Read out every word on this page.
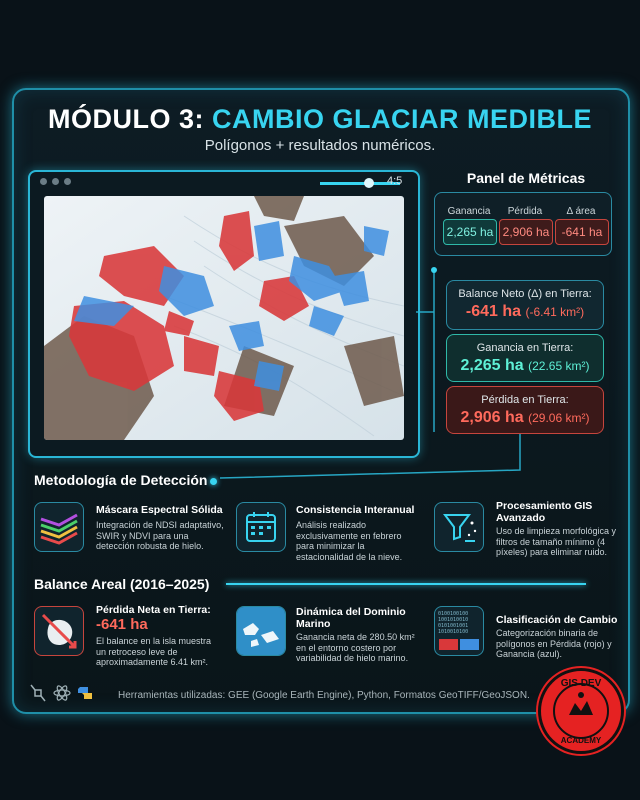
MÓDULO 3: CAMBIO GLACIAR MEDIBLE
Polígonos + resultados numéricos.
4:5	Panel de Métricas
Ganancia	Pérdida	Δ área
2,265 ha 2,906 ha	-641 ha
Balance Neto (Δ) en Tierra:
-641 ha (-6.41 km²)
Ganancia en Tierra:
2,265 ha (22.65 km²)
Pérdida en Tierra:
2,906 ha (29.06 km²)
Metodología de Detección
Máscara Espectral Sólida
Integración de NDSI adaptativo,
SWIR y NDVI para una
detección robusta de hielo.
Consistencia Interanual
Análisis realizado
exclusivamente en febrero
para minimizar la
estacionalidad de la nieve.
Procesamiento GIS
Avanzado
Uso de limpieza morfológica y
filtros de tamaño mínimo (4
píxeles) para eliminar ruido.
Balance Areal (2016–2025)
Pérdida Neta en Tierra:
-641 ha
El balance en la isla muestra
un retroceso leve de
aproximadamente 6.41 km².
Dinámica del Dominio
Marino
Ganancia neta de 280.50 km²
en el entorno costero por
variabilidad de hielo marino.
0100100100
1001010010
0101001001
1010010100
Clasificación de Cambio
Categorización binaria de
polígonos en Pérdida (rojo) y
Ganancia (azul).
Herramientas utilizadas: GEE (Google Earth Engine), Python, Formatos GeoTIFF/GeoJSON.
GIS DEV
ACADEMY
